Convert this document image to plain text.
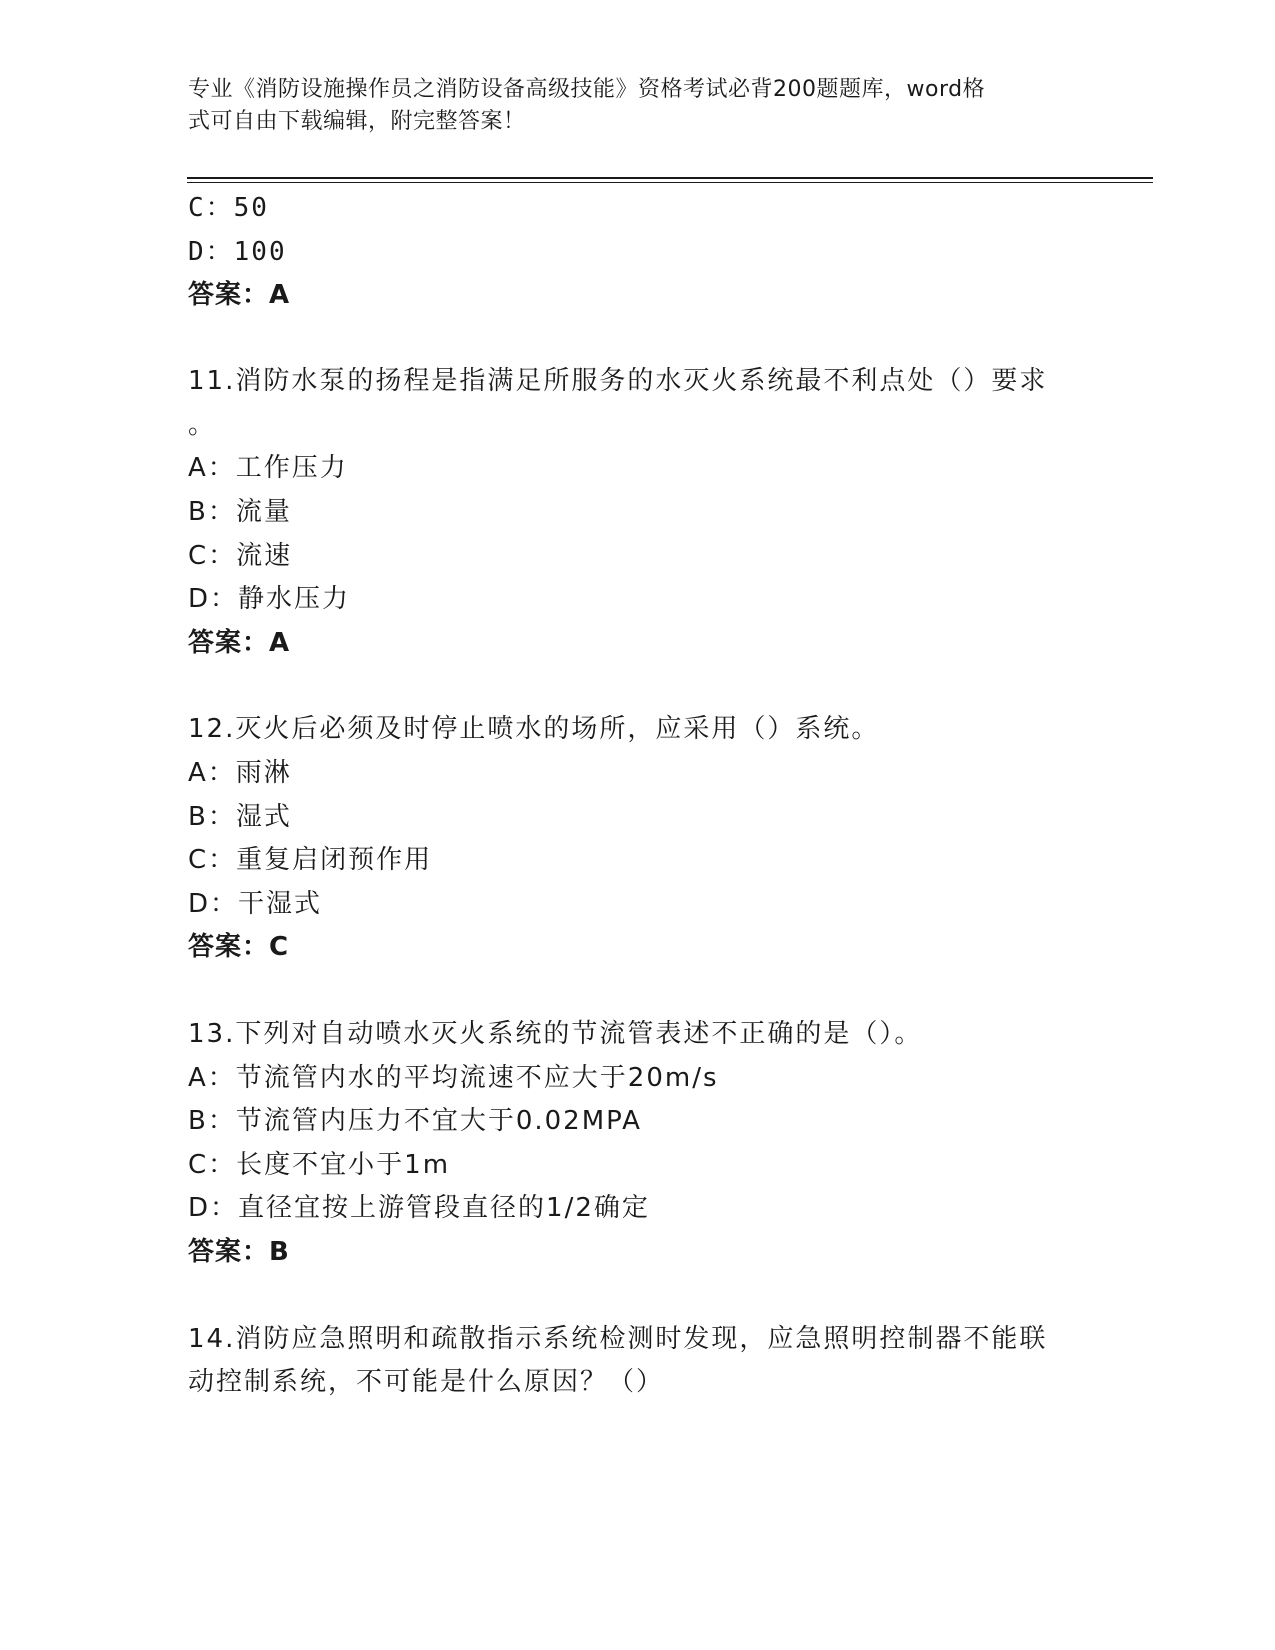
专业《消防设施操作员之消防设备高级技能》资格考试必背200题题库，word格
式可自由下载编辑，附完整答案！
C：50
D：100
答案：A
11.消防水泵的扬程是指满足所服务的水灭火系统最不利点处（）要求
。
A：工作压力
B：流量
C：流速
D：静水压力
答案：A
12.灭火后必须及时停止喷水的场所，应采用（）系统。
A：雨淋
B：湿式
C：重复启闭预作用
D：干湿式
答案：C
13.下列对自动喷水灭火系统的节流管表述不正确的是（）。
A：节流管内水的平均流速不应大于20m/s
B：节流管内压力不宜大于0.02MPA
C：长度不宜小于1m
D：直径宜按上游管段直径的1/2确定
答案：B
14.消防应急照明和疏散指示系统检测时发现，应急照明控制器不能联
动控制系统，不可能是什么原因？（）
